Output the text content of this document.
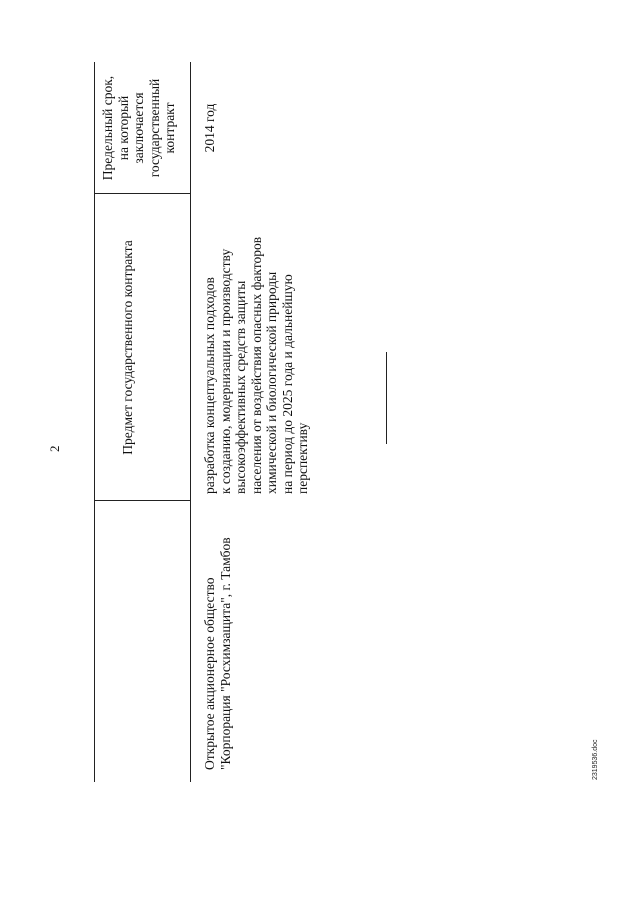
2	Предмет государственного контракта
Предельный срок, на который заключается государственный контракт
Открытое акционерное общество "Корпорация "Росхимзащита", г. Тамбов
разработка концептуальных подходов к созданию, модернизации и производству высокоэффективных средств защиты населения от воздействия опасных факторов химической и биологической природы на период до 2025 года и дальнейшую перспективу
2014 год
2319536.doc
